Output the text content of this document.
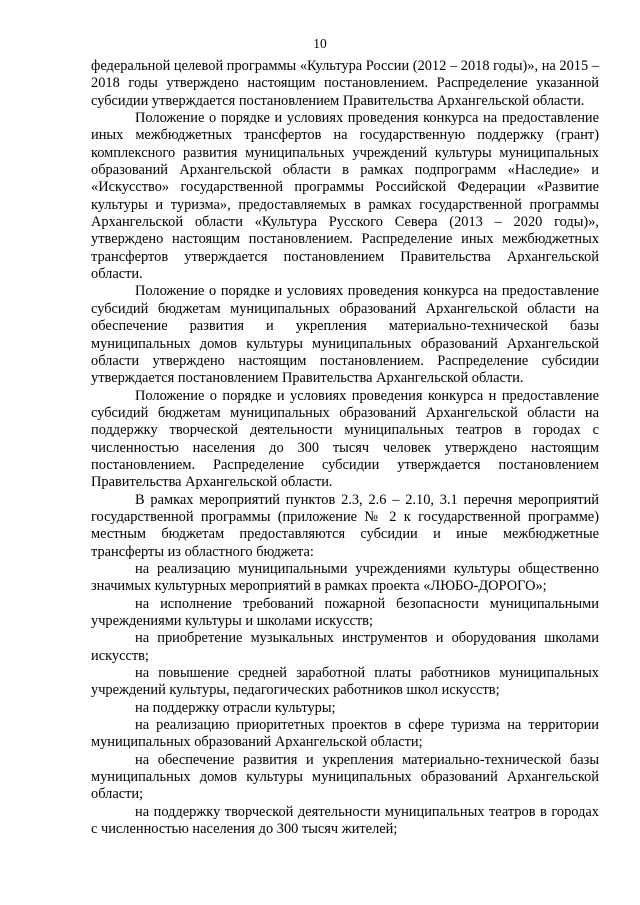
10

федеральной целевой программы «Культура России (2012 – 2018 годы)», на 2015 – 2018 годы утверждено настоящим постановлением. Распределение указанной субсидии утверждается постановлением Правительства Архангельской области.

Положение о порядке и условиях проведения конкурса на предоставление иных межбюджетных трансфертов на государственную поддержку (грант) комплексного развития муниципальных учреждений культуры муниципальных образований Архангельской области в рамках подпрограмм «Наследие» и «Искусство» государственной программы Российской Федерации «Развитие культуры и туризма», предоставляемых в рамках государственной программы Архангельской области «Культура Русского Севера (2013 – 2020 годы)», утверждено настоящим постановлением. Распределение иных межбюджетных трансфертов утверждается постановлением Правительства Архангельской области.

Положение о порядке и условиях проведения конкурса на предоставление субсидий бюджетам муниципальных образований Архангельской области на обеспечение развития и укрепления материально-технической базы муниципальных домов культуры муниципальных образований Архангельской области утверждено настоящим постановлением. Распределение субсидии утверждается постановлением Правительства Архангельской области.

Положение о порядке и условиях проведения конкурса н предоставление субсидий бюджетам муниципальных образований Архангельской области на поддержку творческой деятельности муниципальных театров в городах с численностью населения до 300 тысяч человек утверждено настоящим постановлением. Распределение субсидии утверждается постановлением Правительства Архангельской области.

В рамках мероприятий пунктов 2.3, 2.6 – 2.10, 3.1 перечня мероприятий государственной программы (приложение № 2 к государственной программе) местным бюджетам предоставляются субсидии и иные межбюджетные трансферты из областного бюджета:

на реализацию муниципальными учреждениями культуры общественно значимых культурных мероприятий в рамках проекта «ЛЮБО-ДОРОГО»;

на исполнение требований пожарной безопасности муниципальными учреждениями культуры и школами искусств;

на приобретение музыкальных инструментов и оборудования школами искусств;

на повышение средней заработной платы работников муниципальных учреждений культуры, педагогических работников школ искусств;

на поддержку отрасли культуры;

на реализацию приоритетных проектов в сфере туризма на территории муниципальных образований Архангельской области;

на обеспечение развития и укрепления материально-технической базы муниципальных домов культуры муниципальных образований Архангельской области;

на поддержку творческой деятельности муниципальных театров в городах с численностью населения до 300 тысяч жителей;
